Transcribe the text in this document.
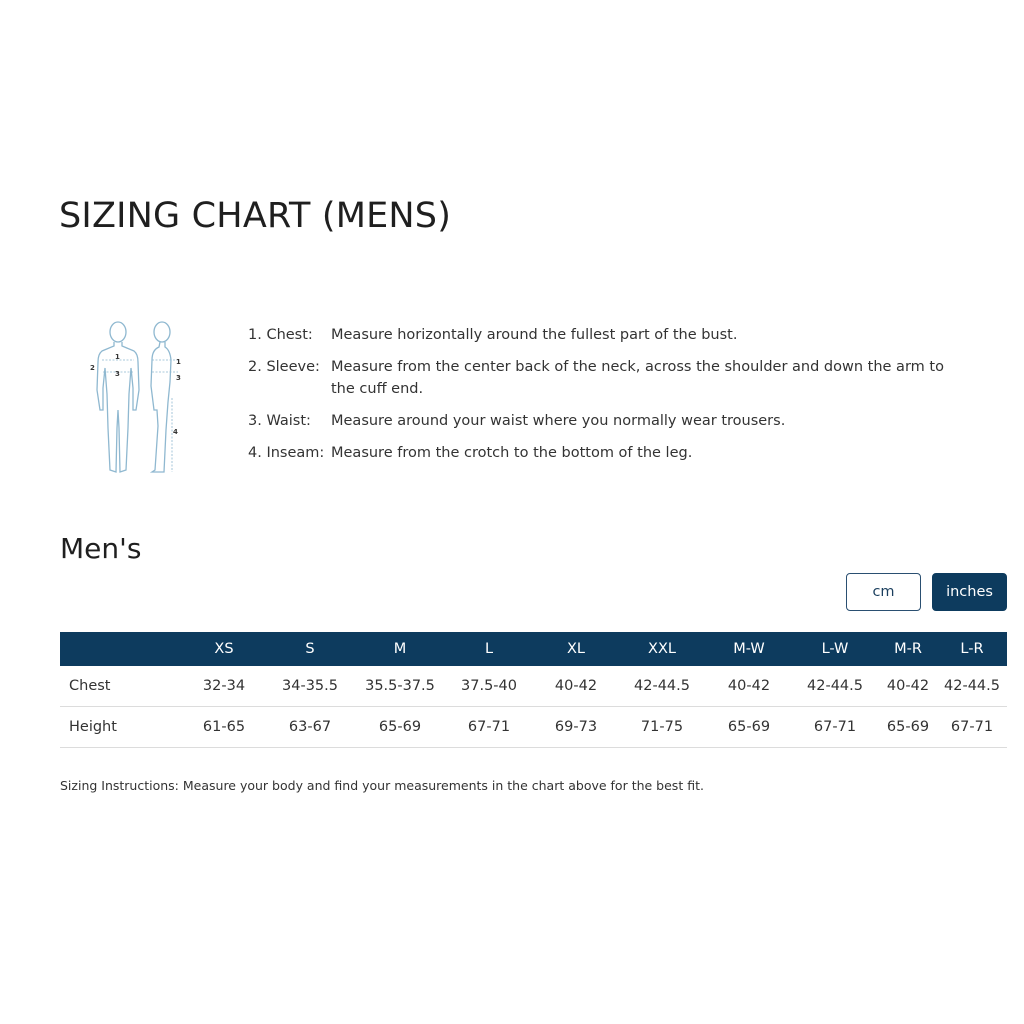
SIZING CHART (MENS)
1
2
3
1
3
4
1. Chest:	Measure horizontally around the fullest part of the bust.
2. Sleeve: Measure from the center back of the neck, across the shoulder and down the arm to the cuff end.
3. Waist:	Measure around your waist where you normally wear trousers.
4. Inseam: Measure from the crotch to the bottom of the leg.
Men's
cm	inches
	XS	S	M	L	XL	XXL	M-W	L-W	M-R	L-R
Chest	32-34	34-35.5	35.5-37.5	37.5-40	40-42	42-44.5	40-42	42-44.5	40-42	42-44.5
Height	61-65	63-67	65-69	67-71	69-73	71-75	65-69	67-71	65-69	67-71
Sizing Instructions: Measure your body and find your measurements in the chart above for the best fit.
